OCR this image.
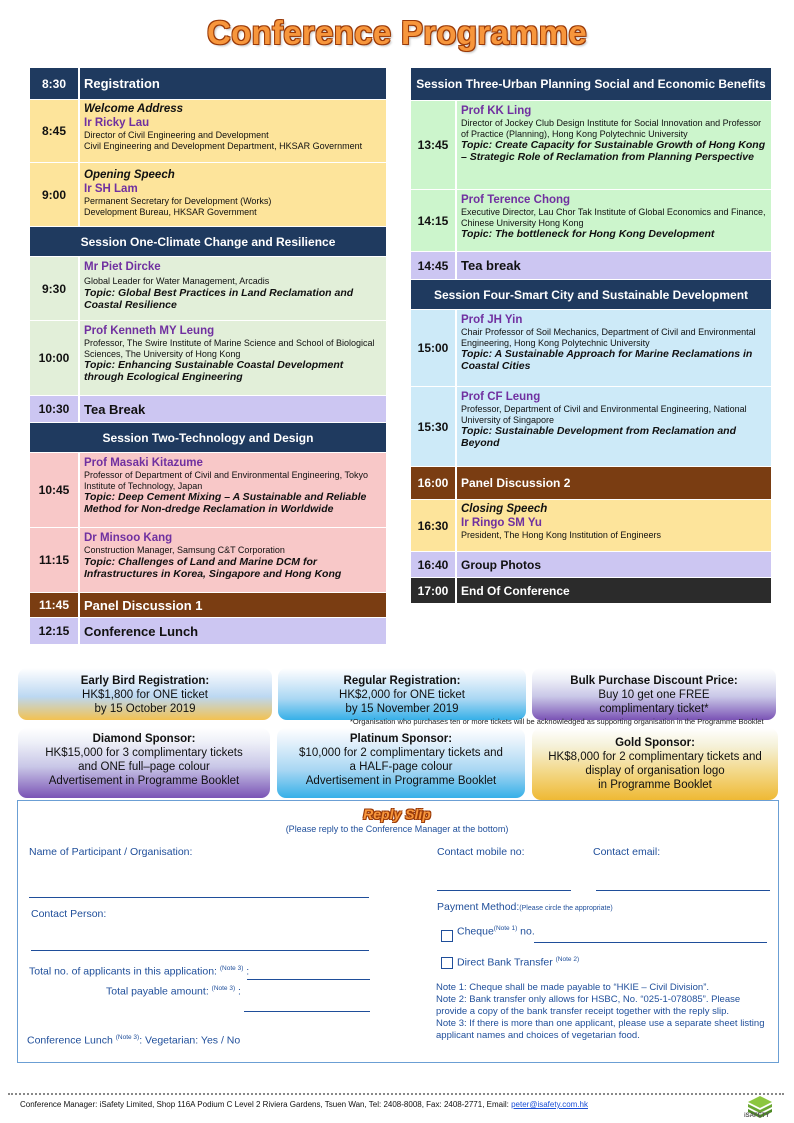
Conference Programme
8:30	Registration
8:45
Welcome Address
Ir Ricky Lau
Director of Civil Engineering and Development
Civil Engineering and Development Department, HKSAR Government
9:00
Opening Speech
Ir SH Lam
Permanent Secretary for Development (Works)
Development Bureau, HKSAR Government
Session One-Climate Change and Resilience
9:30
Mr Piet Dircke
Global Leader for Water Management, Arcadis
Topic: Global Best Practices in Land Reclamation and Coastal Resilience
10:00
Prof Kenneth MY Leung
Professor, The Swire Institute of Marine Science and School of Biological Sciences, The University of Hong Kong
Topic: Enhancing Sustainable Coastal Development through Ecological Engineering
10:30	Tea Break
Session Two-Technology and Design
10:45
Prof Masaki Kitazume
Professor of Department of Civil and Environmental Engineering, Tokyo Institute of Technology, Japan
Topic: Deep Cement Mixing – A Sustainable and Reliable Method for Non-dredge Reclamation in Worldwide
11:15
Dr Minsoo Kang
Construction Manager, Samsung C&T Corporation
Topic: Challenges of Land and Marine DCM for Infrastructures in Korea, Singapore and Hong Kong
11:45	Panel Discussion 1
12:15	Conference Lunch
Session Three-Urban Planning Social and Economic Benefits
13:45
Prof KK Ling
Director of Jockey Club Design Institute for Social Innovation and Professor of Practice (Planning), Hong Kong Polytechnic University
Topic: Create Capacity for Sustainable Growth of Hong Kong – Strategic Role of Reclamation from Planning Perspective
14:15
Prof Terence Chong
Executive Director, Lau Chor Tak Institute of Global Economics and Finance, Chinese University Hong Kong
Topic: The bottleneck for Hong Kong Development
14:45 Tea break
Session Four-Smart City and Sustainable Development
15:00
Prof JH Yin
Chair Professor of Soil Mechanics, Department of Civil and Environmental Engineering, Hong Kong Polytechnic University
Topic: A Sustainable Approach for Marine Reclamations in Coastal Cities
15:30
Prof CF Leung
Professor, Department of Civil and Environmental Engineering, National University of Singapore
Topic: Sustainable Development from Reclamation and Beyond
16:00	Panel Discussion 2
16:30
Closing Speech
Ir Ringo SM Yu
President, The Hong Kong Institution of Engineers
16:40	Group Photos
17:00	End Of Conference
Early Bird Registration:
HK$1,800 for ONE ticket
by 15 October 2019
Regular Registration:
HK$2,000 for ONE ticket
by 15 November 2019
Bulk Purchase Discount Price:
Buy 10 get one FREE
complimentary ticket*
*Organisation who purchases ten or more tickets will be acknowledged as supporting organisation in the Programme Booklet
Diamond Sponsor:
HK$15,000 for 3 complimentary tickets
and ONE full–page colour
Advertisement in Programme Booklet
Platinum Sponsor:
$10,000 for 2 complimentary tickets and
a HALF-page colour
Advertisement in Programme Booklet
Gold Sponsor:
HK$8,000 for 2 complimentary tickets and
display of organisation logo
in Programme Booklet
Reply Slip
(Please reply to the Conference Manager at the bottom)
Name of Participant / Organisation:	Contact mobile no:	Contact email:
Contact Person:
Payment Method:(Please circle the appropriate)
Cheque$^{(Note 1)}$ no.
Direct Bank Transfer $^{(Note 2)}$
Total no. of applicants in this application: $^{(Note 3)}$ :
Total payable amount: $^{(Note 3)}$ :
Conference Lunch $^{(Note 3)}$: Vegetarian: Yes / No
Note 1: Cheque shall be made payable to “HKIE – Civil Division”.
Note 2: Bank transfer only allows for HSBC, No. “025-1-078085”. Please provide a copy of the bank transfer receipt together with the reply slip.
Note 3: If there is more than one applicant, please use a separate sheet listing applicant names and choices of vegetarian food.
Conference Manager: iSafety Limited, Shop 116A Podium C Level 2 Riviera Gardens, Tsuen Wan, Tel: 2408-8008, Fax: 2408-2771, Email: peter@isafety.com.hk
iSAFETY
